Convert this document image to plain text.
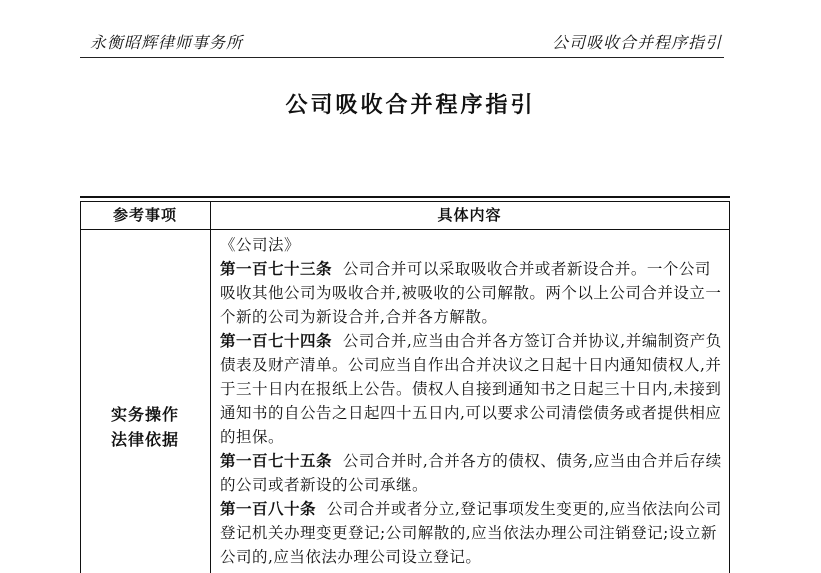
永衡昭辉律师事务所	公司吸收合并程序指引
公司吸收合并程序指引
参考事项	具体内容
实务操作
法律依据

《公司法》

第一百七十三条 公司合并可以采取吸收合并或者新设合并。一个公司吸收其他公司为吸收合并,被吸收的公司解散。两个以上公司合并设立一个新的公司为新设合并,合并各方解散。

第一百七十四条 公司合并,应当由合并各方签订合并协议,并编制资产负债表及财产清单。公司应当自作出合并决议之日起十日内通知债权人,并于三十日内在报纸上公告。债权人自接到通知书之日起三十日内,未接到通知书的自公告之日起四十五日内,可以要求公司清偿债务或者提供相应的担保。

第一百七十五条 公司合并时,合并各方的债权、债务,应当由合并后存续的公司或者新设的公司承继。

第一百八十条 公司合并或者分立,登记事项发生变更的,应当依法向公司登记机关办理变更登记;公司解散的,应当依法办理公司注销登记;设立新公司的,应当依法办理公司设立登记。
